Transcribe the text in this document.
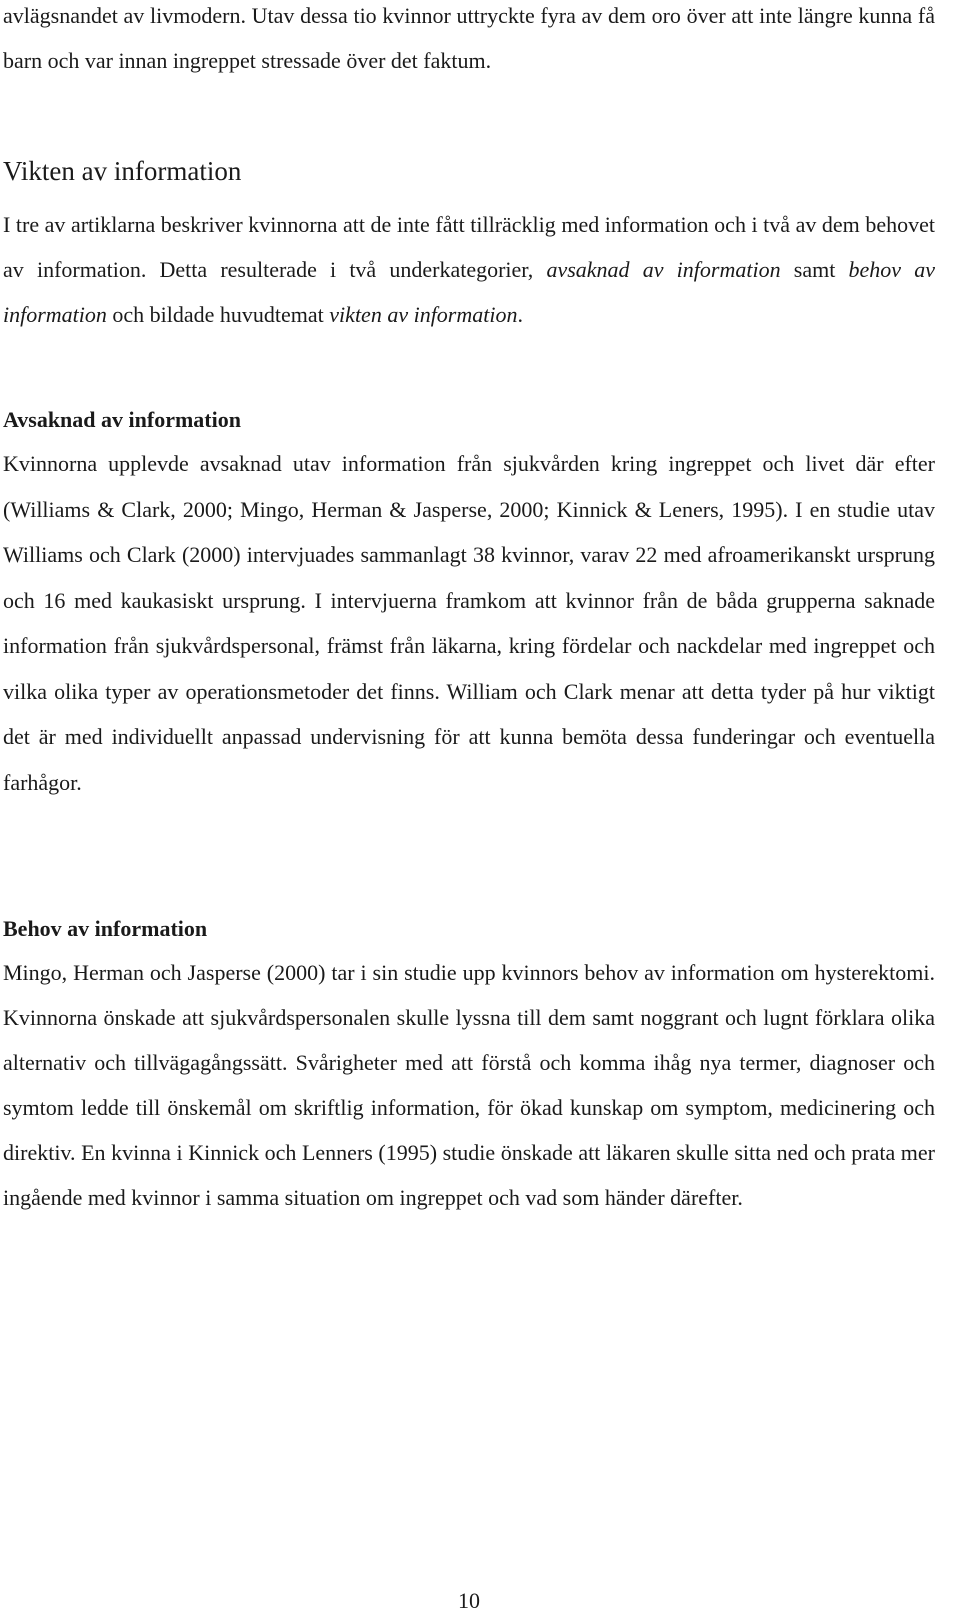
avlägsnandet av livmodern. Utav dessa tio kvinnor uttryckte fyra av dem oro över att inte längre kunna få barn och var innan ingreppet stressade över det faktum.

Vikten av information

I tre av artiklarna beskriver kvinnorna att de inte fått tillräcklig med information och i två av dem behovet av information. Detta resulterade i två underkategorier, avsaknad av information samt behov av information och bildade huvudtemat vikten av information.

Avsaknad av information

Kvinnorna upplevde avsaknad utav information från sjukvården kring ingreppet och livet där efter (Williams & Clark, 2000; Mingo, Herman & Jasperse, 2000; Kinnick & Leners, 1995). I en studie utav Williams och Clark (2000) intervjuades sammanlagt 38 kvinnor, varav 22 med afroamerikanskt ursprung och 16 med kaukasiskt ursprung. I intervjuerna framkom att kvinnor från de båda grupperna saknade information från sjukvårdspersonal, främst från läkarna, kring fördelar och nackdelar med ingreppet och vilka olika typer av operationsmetoder det finns. William och Clark menar att detta tyder på hur viktigt det är med individuellt anpassad undervisning för att kunna bemöta dessa funderingar och eventuella farhågor.

Behov av information

Mingo, Herman och Jasperse (2000) tar i sin studie upp kvinnors behov av information om hysterektomi. Kvinnorna önskade att sjukvårdspersonalen skulle lyssna till dem samt noggrant och lugnt förklara olika alternativ och tillvägagångssätt. Svårigheter med att förstå och komma ihåg nya termer, diagnoser och symtom ledde till önskemål om skriftlig information, för ökad kunskap om symptom, medicinering och direktiv. En kvinna i Kinnick och Lenners (1995) studie önskade att läkaren skulle sitta ned och prata mer ingående med kvinnor i samma situation om ingreppet och vad som händer därefter.

10
